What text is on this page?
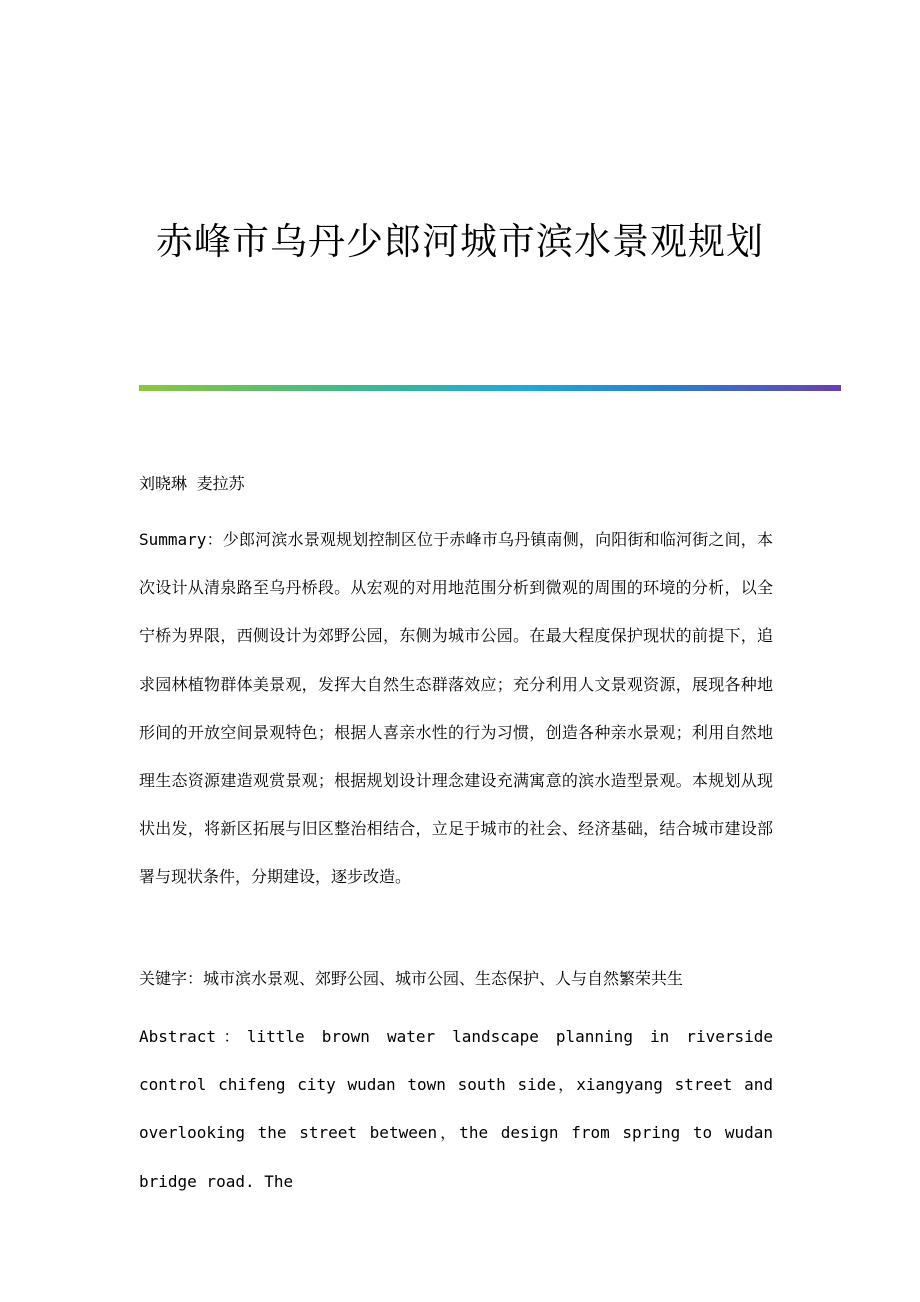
赤峰市乌丹少郎河城市滨水景观规划

刘晓琳 麦拉苏

Summary：少郎河滨水景观规划控制区位于赤峰市乌丹镇南侧，向阳街和临河街之间，本次设计从清泉路至乌丹桥段。从宏观的对用地范围分析到微观的周围的环境的分析，以全宁桥为界限，西侧设计为郊野公园，东侧为城市公园。在最大程度保护现状的前提下，追求园林植物群体美景观，发挥大自然生态群落效应；充分利用人文景观资源，展现各种地形间的开放空间景观特色；根据人喜亲水性的行为习惯，创造各种亲水景观；利用自然地理生态资源建造观赏景观；根据规划设计理念建设充满寓意的滨水造型景观。本规划从现状出发，将新区拓展与旧区整治相结合，立足于城市的社会、经济基础，结合城市建设部署与现状条件，分期建设，逐步改造。

关键字：城市滨水景观、郊野公园、城市公园、生态保护、人与自然繁荣共生

Abstract：little brown water landscape planning in riverside control chifeng city wudan town south side，xiangyang street and overlooking the street between，the design from spring to wudan bridge road. The
